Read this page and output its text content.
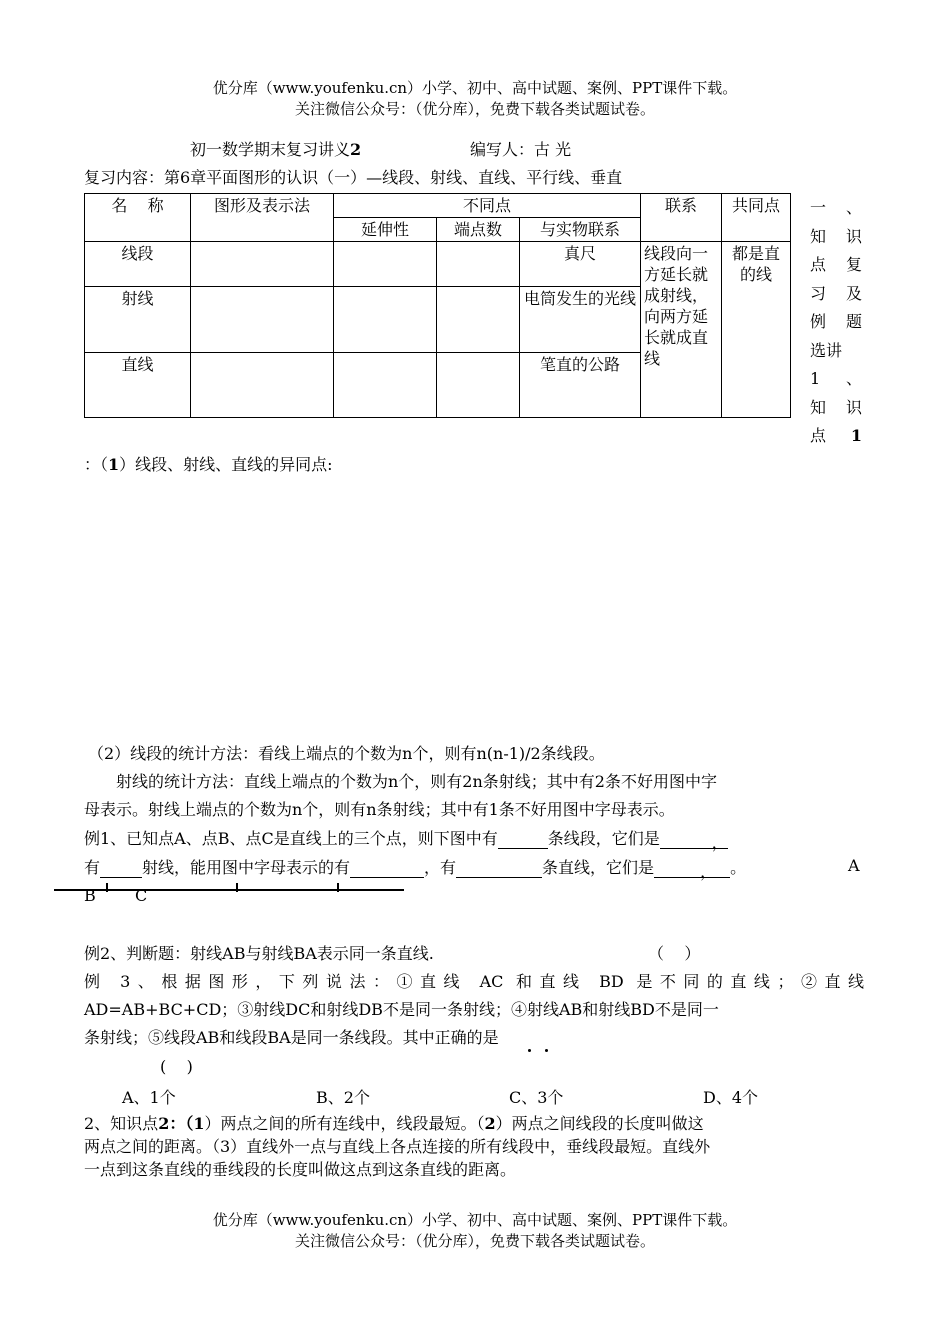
优分库（www.youfenku.cn）小学、初中、高中试题、案例、PPT课件下载。
关注微信公众号：（优分库），免费下载各类试题试卷。
初一数学期末复习讲义2	编写人：古 光
复习内容：第6章平面图形的认识（一）—线段、射线、直线、平行线、垂直
名    称	图形及表示法	不同点			联系	共同点
		延伸性	端点数	与实物联系		
线段				真尺	线段向一方延长就成射线，向两方延长就成直线	都是直的线
射线				电筒发生的光线		
直线				笔直的公路		
一 、
知 识
点 复
习 及
例 题
选讲
1 、
知 识
点 1
：（1）线段、射线、直线的异同点:
（2）线段的统计方法：看线上端点的个数为n个，则有n(n-1)/2条线段。
射线的统计方法：直线上端点的个数为n个，则有2n条射线；其中有2条不好用图中字
母表示。射线上端点的个数为n个，则有n条射线；其中有1条不好用图中字母表示。
例1、已知点A、点B、点C是直线上的三个点，则下图中有	条线段，它们是	，
有	射线，能用图中字母表示的有	，有	条直线，它们是	， 。	A
B C
例2、判断题：射线AB与射线BA表示同一条直线.	（    ）
例 3、根据图形，下列说法：①直线 AC 和直线 BD 是不同的直线；②直线
AD=AB+BC+CD；③射线DC和射线DB不是同一条射线；④射线AB和射线BD不是同一
条射线；⑤线段AB和线段BA是同一条线段。其中正确的是
(    )
A、1个	B、2个	C、3个	D、4个
2、知识点2：（1）两点之间的所有连线中，线段最短。（2）两点之间线段的长度叫做这
两点之间的距离。（3）直线外一点与直线上各点连接的所有线段中，垂线段最短。直线外
一点到这条直线的垂线段的长度叫做这点到这条直线的距离。
优分库（www.youfenku.cn）小学、初中、高中试题、案例、PPT课件下载。
关注微信公众号：（优分库），免费下载各类试题试卷。
